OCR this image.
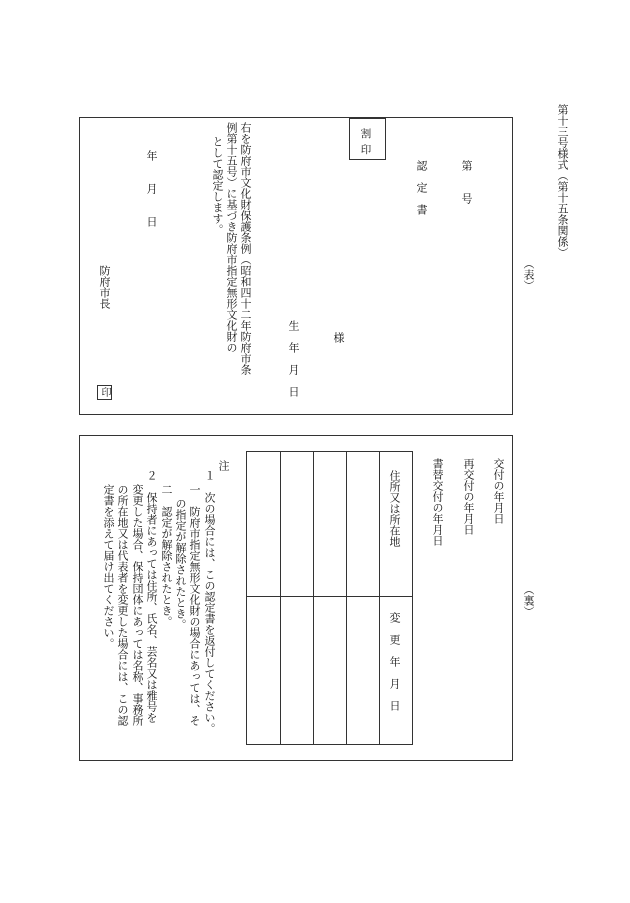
第十三号様式（第十五条関係）
（表）
（裏）
割
印
第　　号
認　定　書
様
生　年　月　日
右を防府市文化財保護条例（昭和四十二年防府市条
例第十五号）に基づき防府市指定無形文化財の
として認定します。
年　　月　　日
防府市長
印
交付の年月日
再交付の年月日
書替交付の年月日
住所又は所在地
変　更　年　月　日
注
１　次の場合には、この認定書を返付してください。
一　防府市指定無形文化財の場合にあっては、そ
の指定が解除されたとき。
二　認定が解除されたとき。
２　保持者にあっては住所、氏名、芸名又は雅号を
変更した場合、保持団体にあっては名称、事務所
の所在地又は代表者を変更した場合には、この認
定書を添えて届け出てください。
